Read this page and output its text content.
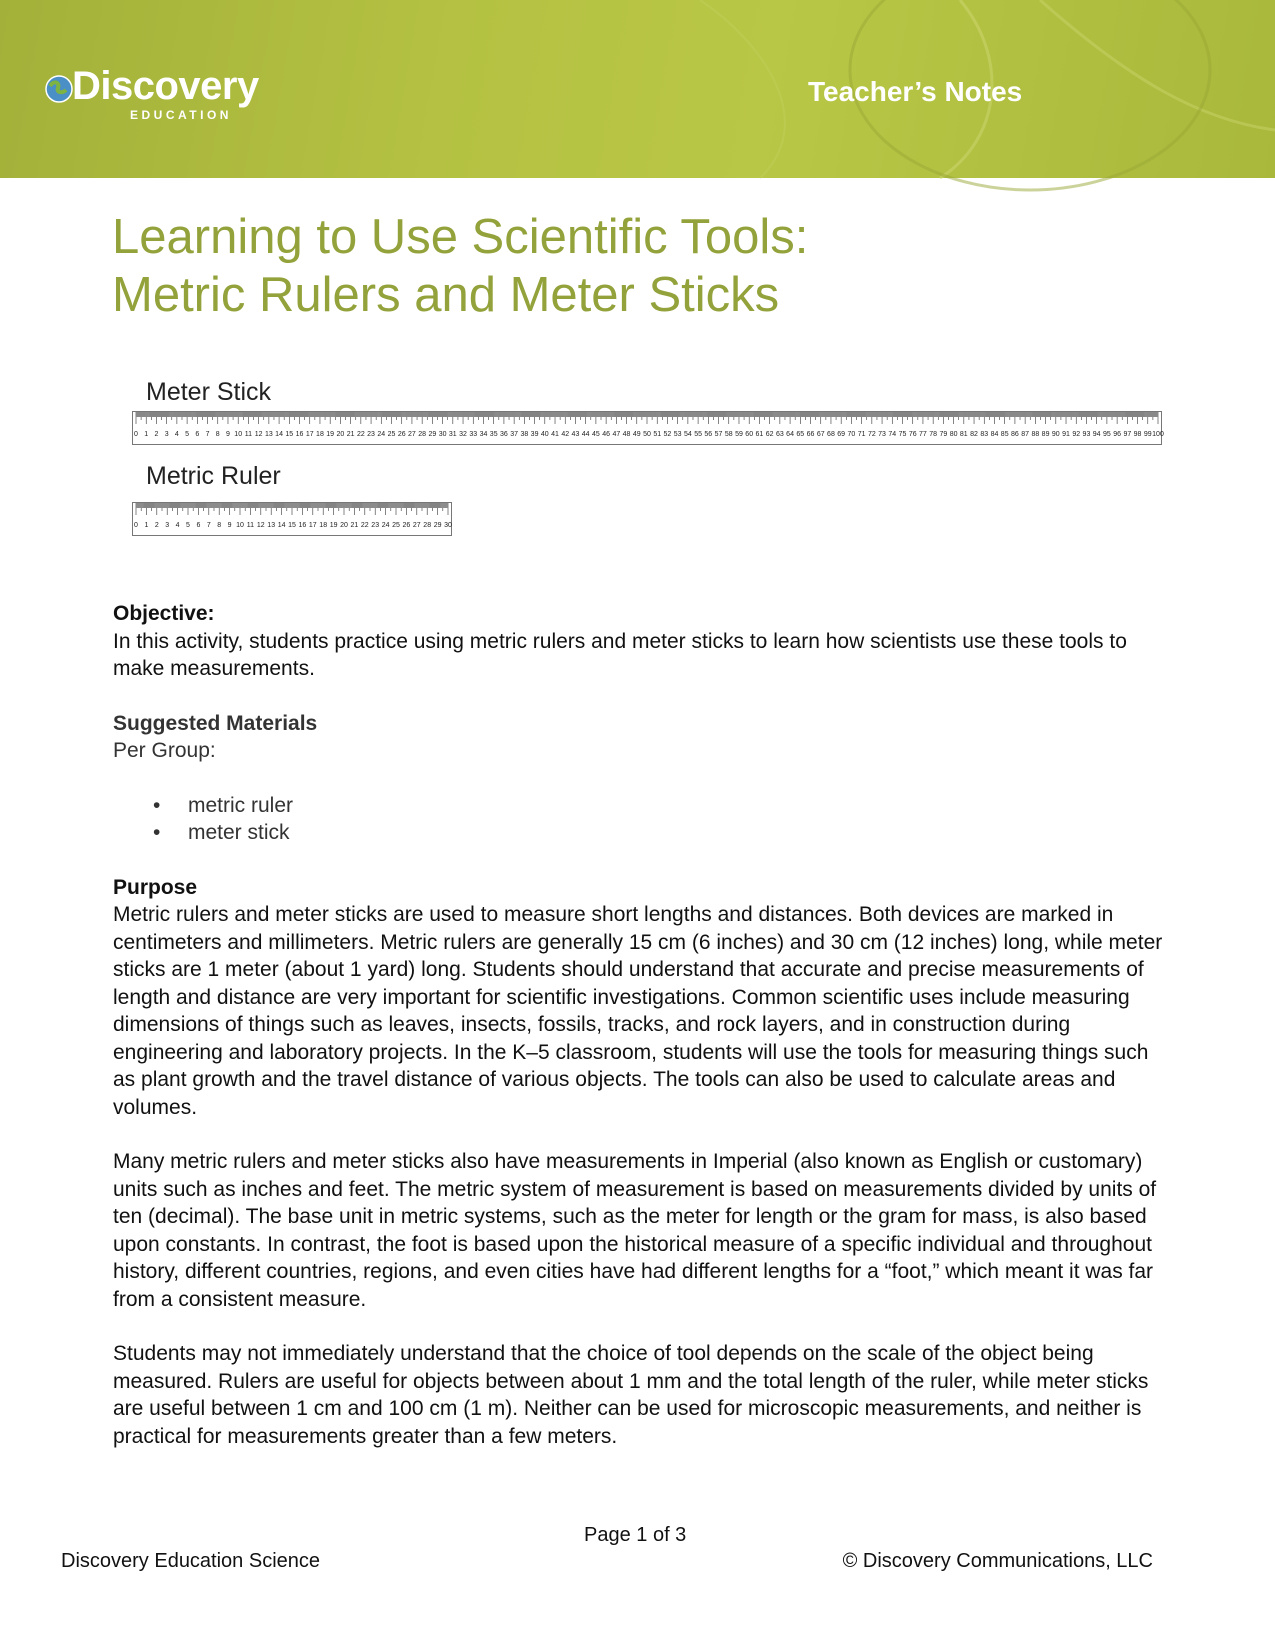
Discovery
EDUCATION
Teacher’s Notes
Learning to Use Scientific Tools:
Metric Rulers and Meter Sticks
Meter Stick
0 1 2 3 4 5 6 7 8 9 10 11 12 13 14 15 16 17 18 19 20 21 22 23 24 25 26 27 28 29 30 31 32 33 34 35 36 37 38 39 40 41 42 43 44 45 46 47 48 49 50 51 52 53 54 55 56 57 58 59 60 61 62 63 64 65 66 67 68 69 70 71 72 73 74 75 76 77 78 79 80 81 82 83 84 85 86 87 88 89 90 91 92 93 94 95 96 97 98 99 100
Metric Ruler
0 1 2 3 4 5 6 7 8 9 10 11 12 13 14 15 16 17 18 19 20 21 22 23 24 25 26 27 28 29 30
Objective:

In this activity, students practice using metric rulers and meter sticks to learn how scientists use these tools to make measurements.

Suggested Materials

Per Group:

• metric ruler
• meter stick
Purpose

Metric rulers and meter sticks are used to measure short lengths and distances. Both devices are marked in centimeters and millimeters. Metric rulers are generally 15 cm (6 inches) and 30 cm (12 inches) long, while meter sticks are 1 meter (about 1 yard) long. Students should understand that accurate and precise measurements of length and distance are very important for scientific investigations. Common scientific uses include measuring dimensions of things such as leaves, insects, fossils, tracks, and rock layers, and in construction during engineering and laboratory projects. In the K–5 classroom, students will use the tools for measuring things such as plant growth and the travel distance of various objects. The tools can also be used to calculate areas and volumes.

Many metric rulers and meter sticks also have measurements in Imperial (also known as English or customary) units such as inches and feet. The metric system of measurement is based on measurements divided by units of ten (decimal). The base unit in metric systems, such as the meter for length or the gram for mass, is also based upon constants. In contrast, the foot is based upon the historical measure of a specific individual and throughout history, different countries, regions, and even cities have had different lengths for a “foot,” which meant it was far from a consistent measure.

Students may not immediately understand that the choice of tool depends on the scale of the object being measured. Rulers are useful for objects between about 1 mm and the total length of the ruler, while meter sticks are useful between 1 cm and 100 cm (1 m). Neither can be used for microscopic measurements, and neither is practical for measurements greater than a few meters.

Page 1 of 3
Discovery Education Science	© Discovery Communications, LLC
